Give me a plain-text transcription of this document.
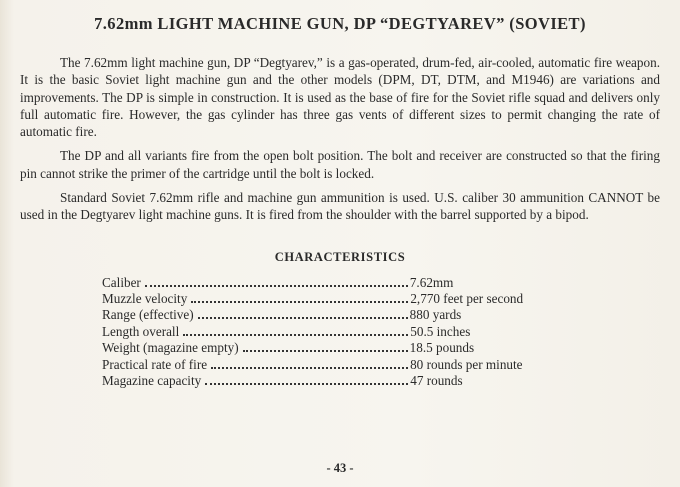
7.62mm LIGHT MACHINE GUN, DP “DEGTYAREV” (SOVIET)

The 7.62mm light machine gun, DP “Degtyarev,” is a gas-operated, drum-fed, air-cooled, automatic fire weapon. It is the basic Soviet light machine gun and the other models (DPM, DT, DTM, and M1946) are variations and improvements. The DP is simple in construction. It is used as the base of fire for the Soviet rifle squad and delivers only full automatic fire. However, the gas cylinder has three gas vents of different sizes to permit changing the rate of automatic fire.

The DP and all variants fire from the open bolt position. The bolt and receiver are constructed so that the firing pin cannot strike the primer of the cartridge until the bolt is locked.

Standard Soviet 7.62mm rifle and machine gun ammunition is used. U.S. caliber 30 ammunition CANNOT be used in the Degtyarev light machine guns. It is fired from the shoulder with the barrel supported by a bipod.

CHARACTERISTICS
Caliber	7.62mm
Muzzle velocity	2,770 feet per second
Range (effective)	880 yards
Length overall	50.5 inches
Weight (magazine empty)	18.5 pounds
Practical rate of fire	80 rounds per minute
Magazine capacity	47 rounds
- 43 -
